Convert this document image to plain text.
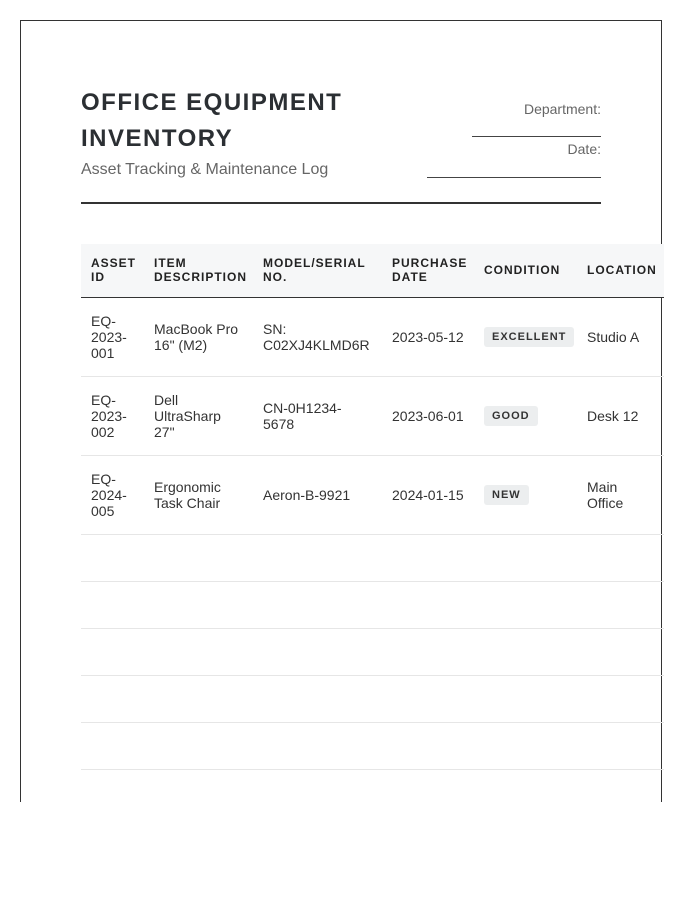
OFFICE EQUIPMENT
INVENTORY
Asset Tracking & Maintenance Log
Department:
Date:
ASSET ID	ITEM DESCRIPTION	MODEL/SERIAL NO.	PURCHASE DATE	CONDITION	LOCATION
EQ-2023-001	MacBook Pro 16" (M2)	SN: C02XJ4KLMD6R	2023-05-12	EXCELLENT	Studio A
EQ-2023-002	Dell UltraSharp 27"	CN-0H1234-5678	2023-06-01	GOOD	Desk 12
EQ-2024-005	Ergonomic Task Chair	Aeron-B-9921	2024-01-15	NEW	Main Office
